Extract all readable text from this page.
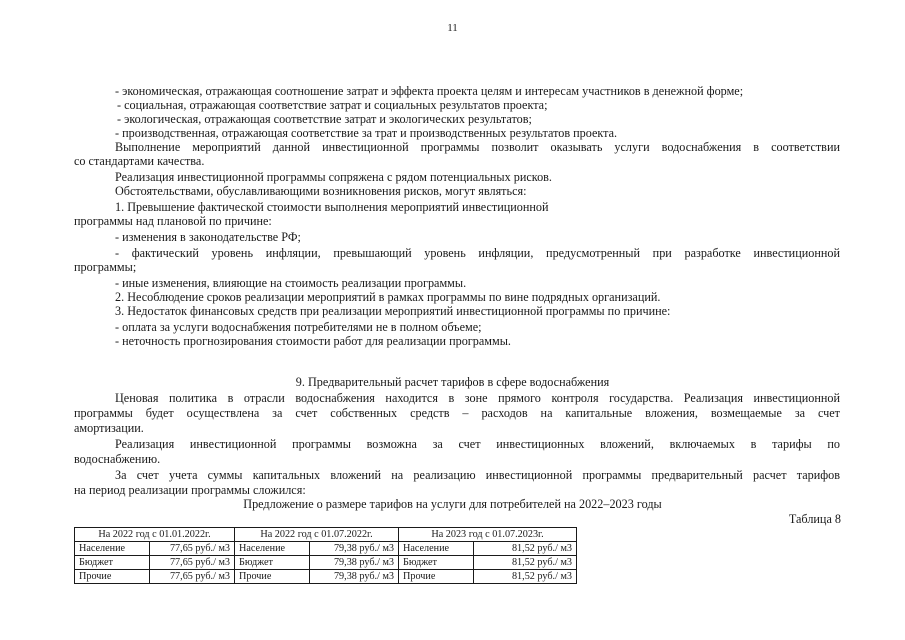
11
- экономическая, отражающая соотношение затрат и эффекта проекта целям и интересам участников в денежной форме;
- социальная, отражающая соответствие затрат и социальных результатов проекта;
- экологическая, отражающая соответствие затрат и экологических результатов;
- производственная, отражающая соответствие за трат и производственных результатов проекта.
Выполнение мероприятий данной инвестиционной программы позволит оказывать услуги водоснабжения в соответствии
со стандартами качества.
Реализация инвестиционной программы сопряжена с рядом потенциальных рисков.
Обстоятельствами, обуславливающими возникновения рисков, могут являться:
1. Превышение фактической стоимости выполнения мероприятий инвестиционной
программы над плановой по причине:
- изменения в законодательстве РФ;
- фактический уровень инфляции, превышающий уровень инфляции, предусмотренный при разработке инвестиционной
программы;
- иные изменения, влияющие на стоимость реализации программы.
2. Несоблюдение сроков реализации мероприятий в рамках программы по вине подрядных организаций.
3. Недостаток финансовых средств при реализации мероприятий инвестиционной программы по причине:
- оплата за услуги водоснабжения потребителями не в полном объеме;
- неточность прогнозирования стоимости работ для реализации программы.
9. Предварительный расчет тарифов в сфере водоснабжения
Ценовая политика в отрасли водоснабжения находится в зоне прямого контроля государства. Реализация инвестиционной
программы будет осуществлена за счет собственных средств – расходов на капитальные вложения, возмещаемые за счет
амортизации.
Реализация инвестиционной программы возможна за счет инвестиционных вложений, включаемых в тарифы по
водоснабжению.
За счет учета суммы капитальных вложений на реализацию инвестиционной программы предварительный расчет тарифов
на период реализации программы сложился:
Предложение о размере тарифов на услуги для потребителей на 2022–2023 годы
Таблица 8
На 2022 год с 01.01.2022г.		На 2022 год с 01.07.2022г.		На 2023 год с 01.07.2023г.	
Население	77,65 руб./ м3	Население	79,38 руб./ м3	Население	81,52 руб./ м3
Бюджет	77,65 руб./ м3	Бюджет	79,38 руб./ м3	Бюджет	81,52 руб./ м3
Прочие	77,65 руб./ м3	Прочие	79,38 руб./ м3	Прочие	81,52 руб./ м3
